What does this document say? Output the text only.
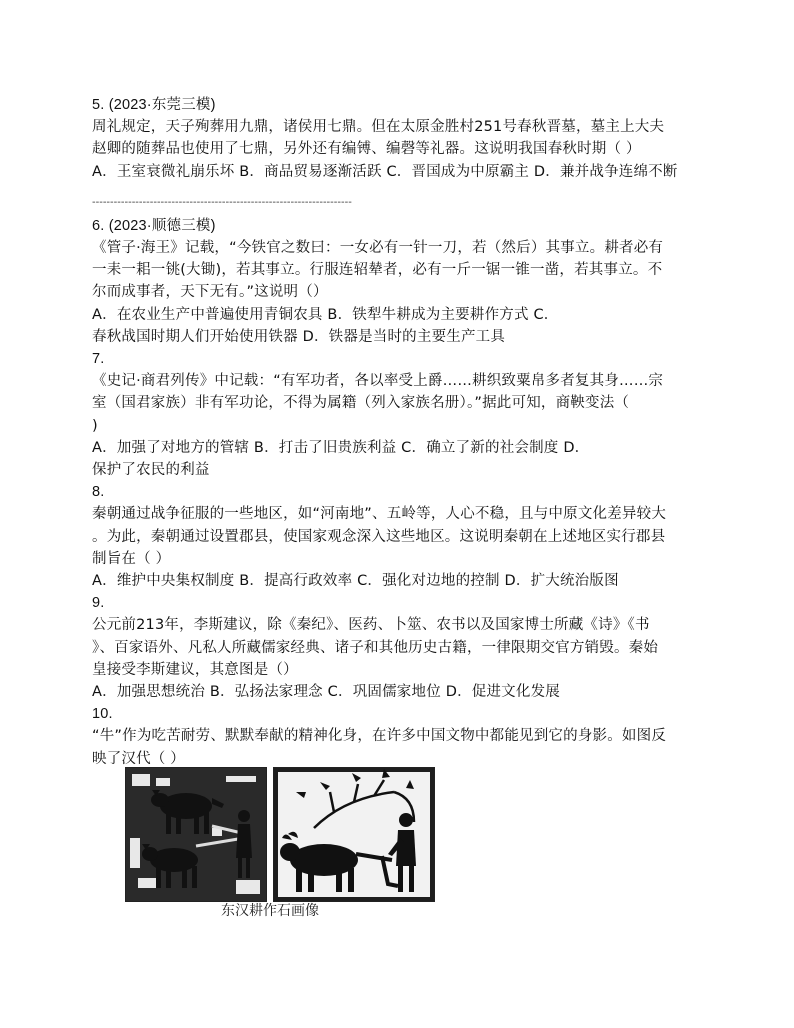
5. (2023·东莞三模)
周礼规定，天子殉葬用九鼎，诸侯用七鼎。但在太原金胜村251号春秋晋墓，墓主上大夫
赵卿的随葬品也使用了七鼎，另外还有编镈、编磬等礼器。这说明我国春秋时期（ ）
A．王室衰微礼崩乐坏 B．商品贸易逐渐活跃 C．晋国成为中原霸主 D．兼并战争连绵不断
------------------------------------------------------------------------
6. (2023·顺德三模)
《管子·海王》记载，“今铁官之数曰：一女必有一针一刀，若（然后）其事立。耕者必有
一耒一耜一铫(大锄)，若其事立。行服连轺辇者，必有一斤一锯一锥一凿，若其事立。不
尔而成事者，天下无有。”这说明（）
A．在农业生产中普遍使用青铜农具 B．铁犁牛耕成为主要耕作方式 C．
春秋战国时期人们开始使用铁器 D．铁器是当时的主要生产工具
7.
《史记·商君列传》中记载：“有军功者，各以率受上爵……耕织致粟帛多者复其身……宗
室（国君家族）非有军功论，不得为属籍（列入家族名册）。”据此可知，商鞅变法（
)
A．加强了对地方的管辖 B．打击了旧贵族利益 C．确立了新的社会制度 D．
保护了农民的利益
8.
秦朝通过战争征服的一些地区，如“河南地”、五岭等，人心不稳，且与中原文化差异较大
。为此，秦朝通过设置郡县，使国家观念深入这些地区。这说明秦朝在上述地区实行郡县
制旨在（ ）
A．维护中央集权制度 B．提高行政效率 C．强化对边地的控制 D．扩大统治版图
9.
公元前213年，李斯建议，除《秦纪》、医药、卜筮、农书以及国家博士所藏《诗》《书
》、百家语外、凡私人所藏儒家经典、诸子和其他历史古籍，一律限期交官方销毁。秦始
皇接受李斯建议，其意图是（）
A．加强思想统治 B．弘扬法家理念 C．巩固儒家地位 D．促进文化发展
10.
“牛”作为吃苦耐劳、默默奉献的精神化身，在许多中国文物中都能见到它的身影。如图反
映了汉代（ ）
东汉耕作石画像
